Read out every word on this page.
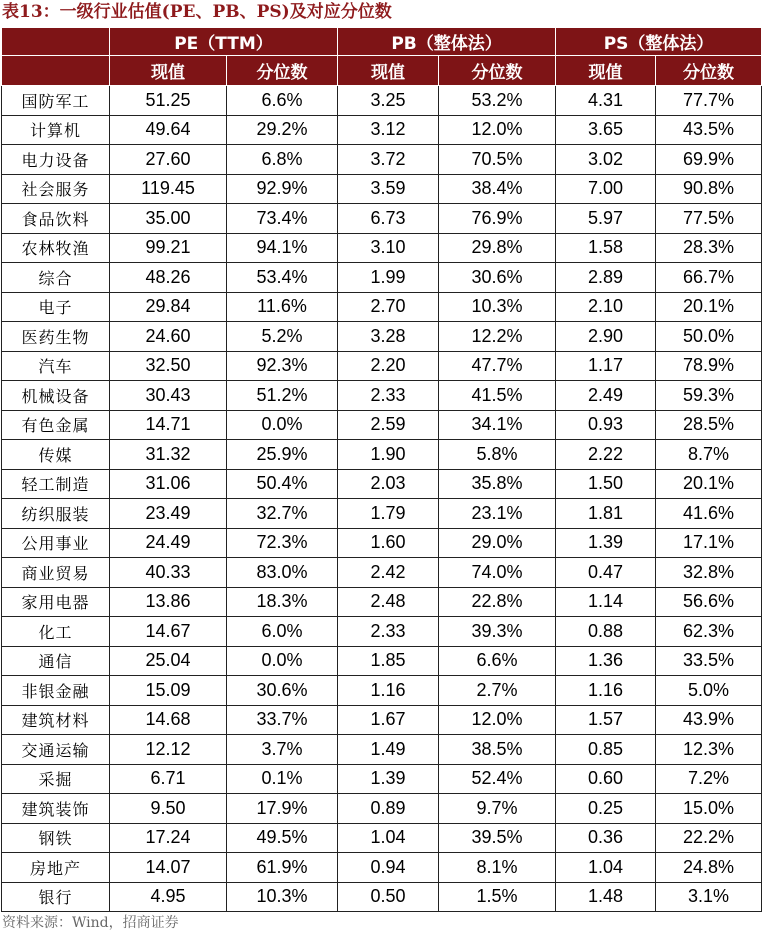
表13：一级行业估值(PE、PB、PS)及对应分位数
	PE（TTM）		PB（整体法）		PS（整体法）	
	现值	分位数	现值	分位数	现值	分位数
国防军工	51.25	6.6%	3.25	53.2%	4.31	77.7%
计算机	49.64	29.2%	3.12	12.0%	3.65	43.5%
电力设备	27.60	6.8%	3.72	70.5%	3.02	69.9%
社会服务	119.45	92.9%	3.59	38.4%	7.00	90.8%
食品饮料	35.00	73.4%	6.73	76.9%	5.97	77.5%
农林牧渔	99.21	94.1%	3.10	29.8%	1.58	28.3%
综合	48.26	53.4%	1.99	30.6%	2.89	66.7%
电子	29.84	11.6%	2.70	10.3%	2.10	20.1%
医药生物	24.60	5.2%	3.28	12.2%	2.90	50.0%
汽车	32.50	92.3%	2.20	47.7%	1.17	78.9%
机械设备	30.43	51.2%	2.33	41.5%	2.49	59.3%
有色金属	14.71	0.0%	2.59	34.1%	0.93	28.5%
传媒	31.32	25.9%	1.90	5.8%	2.22	8.7%
轻工制造	31.06	50.4%	2.03	35.8%	1.50	20.1%
纺织服装	23.49	32.7%	1.79	23.1%	1.81	41.6%
公用事业	24.49	72.3%	1.60	29.0%	1.39	17.1%
商业贸易	40.33	83.0%	2.42	74.0%	0.47	32.8%
家用电器	13.86	18.3%	2.48	22.8%	1.14	56.6%
化工	14.67	6.0%	2.33	39.3%	0.88	62.3%
通信	25.04	0.0%	1.85	6.6%	1.36	33.5%
非银金融	15.09	30.6%	1.16	2.7%	1.16	5.0%
建筑材料	14.68	33.7%	1.67	12.0%	1.57	43.9%
交通运输	12.12	3.7%	1.49	38.5%	0.85	12.3%
采掘	6.71	0.1%	1.39	52.4%	0.60	7.2%
建筑装饰	9.50	17.9%	0.89	9.7%	0.25	15.0%
钢铁	17.24	49.5%	1.04	39.5%	0.36	22.2%
房地产	14.07	61.9%	0.94	8.1%	1.04	24.8%
银行	4.95	10.3%	0.50	1.5%	1.48	3.1%
资料来源：Wind，招商证券
